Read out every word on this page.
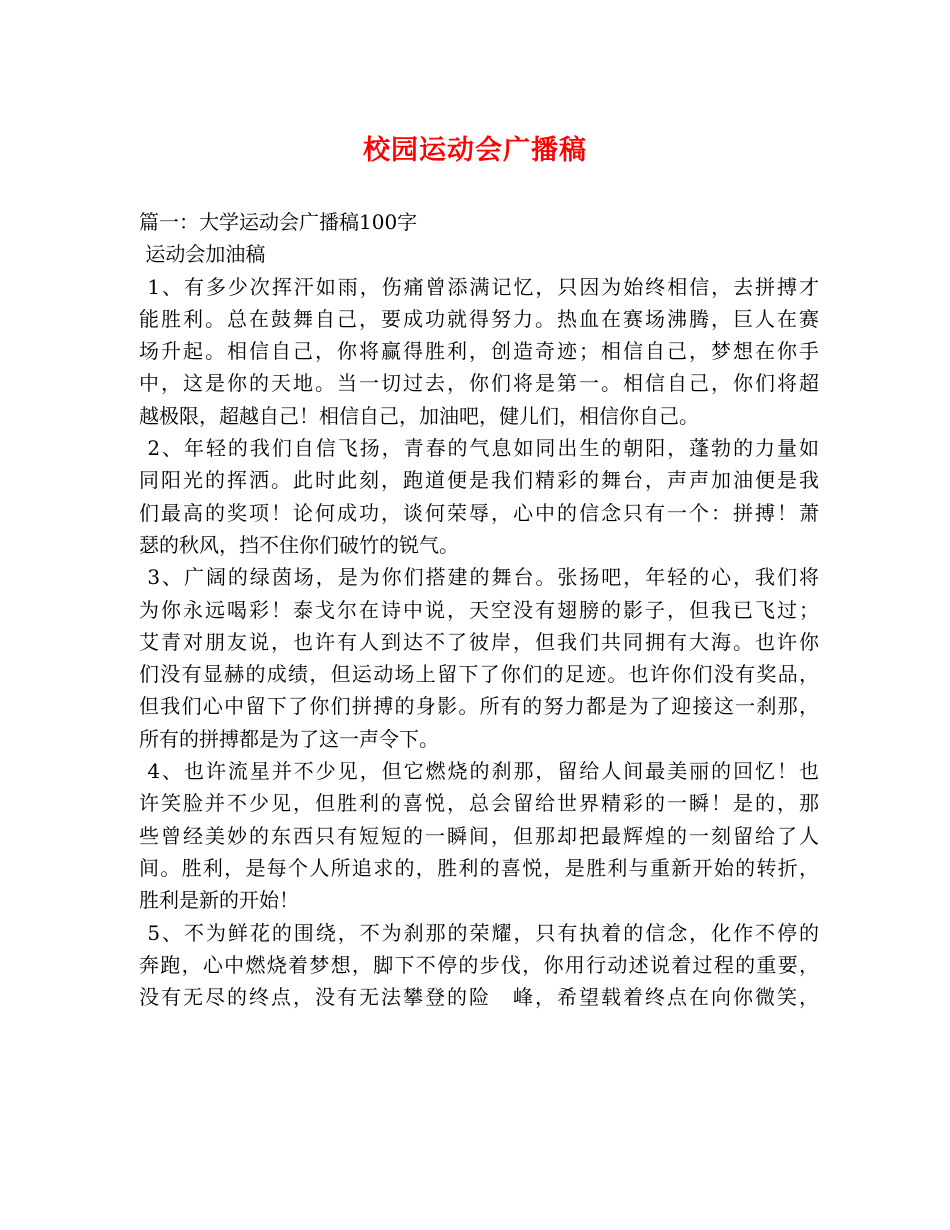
校园运动会广播稿

篇一：大学运动会广播稿100字

运动会加油稿

1、有多少次挥汗如雨，伤痛曾添满记忆，只因为始终相信，去拼搏才

能胜利。总在鼓舞自己，要成功就得努力。热血在赛场沸腾，巨人在赛

场升起。相信自己，你将赢得胜利，创造奇迹；相信自己，梦想在你手

中，这是你的天地。当一切过去，你们将是第一。相信自己，你们将超

越极限，超越自己！相信自己，加油吧，健儿们，相信你自己。

2、年轻的我们自信飞扬，青春的气息如同出生的朝阳，蓬勃的力量如

同阳光的挥洒。此时此刻，跑道便是我们精彩的舞台，声声加油便是我

们最高的奖项！论何成功，谈何荣辱，心中的信念只有一个：拼搏！萧

瑟的秋风，挡不住你们破竹的锐气。

3、广阔的绿茵场，是为你们搭建的舞台。张扬吧，年轻的心，我们将

为你永远喝彩！泰戈尔在诗中说，天空没有翅膀的影子，但我已飞过；

艾青对朋友说，也许有人到达不了彼岸，但我们共同拥有大海。也许你

们没有显赫的成绩，但运动场上留下了你们的足迹。也许你们没有奖品，

但我们心中留下了你们拼搏的身影。所有的努力都是为了迎接这一刹那，

所有的拼搏都是为了这一声令下。

4、也许流星并不少见，但它燃烧的刹那，留给人间最美丽的回忆！也

许笑脸并不少见，但胜利的喜悦，总会留给世界精彩的一瞬！是的，那

些曾经美妙的东西只有短短的一瞬间，但那却把最辉煌的一刻留给了人

间。胜利，是每个人所追求的，胜利的喜悦，是胜利与重新开始的转折，

胜利是新的开始！

5、不为鲜花的围绕，不为刹那的荣耀，只有执着的信念，化作不停的

奔跑，心中燃烧着梦想，脚下不停的步伐，你用行动述说着过程的重要，

没有无尽的终点，没有无法攀登的险　峰，希望载着终点在向你微笑，
